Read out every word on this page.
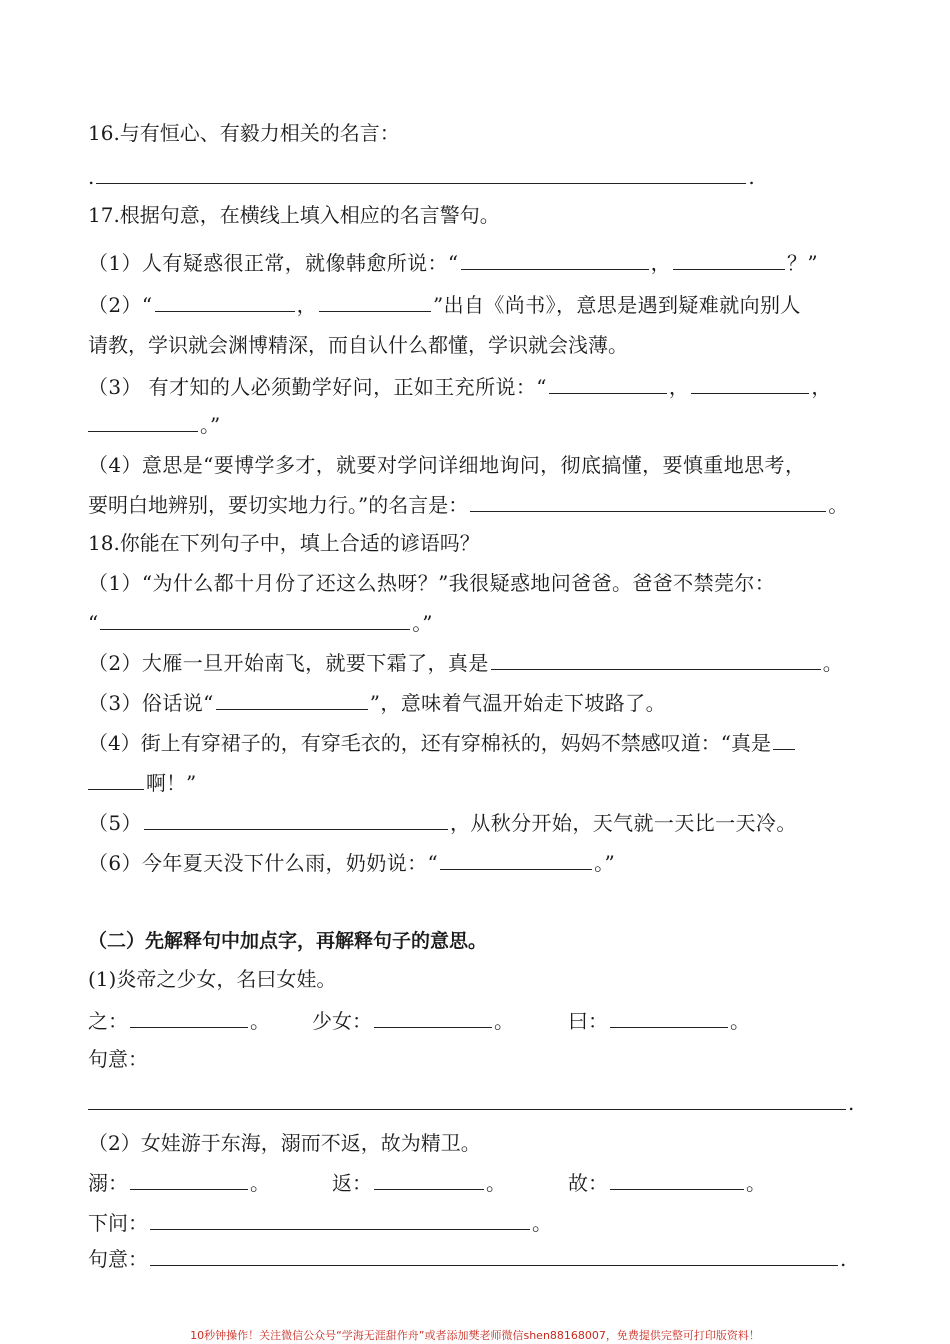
16.与有恒心、有毅力相关的名言：
.	.
17.根据句意，在横线上填入相应的名言警句。
（1）人有疑惑很正常，就像韩愈所说：“	，	？”
（2）“	，	”出自《尚书》，意思是遇到疑难就向别人
请教，学识就会渊博精深，而自认什么都懂，学识就会浅薄。
（3） 有才知的人必须勤学好问，正如王充所说：“	，	，
。”
（4）意思是“要博学多才，就要对学问详细地询问，彻底搞懂，要慎重地思考，
要明白地辨别，要切实地力行。”的名言是：	。
18.你能在下列句子中，填上合适的谚语吗？
（1）“为什么都十月份了还这么热呀？”我很疑惑地问爸爸。爸爸不禁莞尔：
“	。”
（2）大雁一旦开始南飞，就要下霜了，真是	。
（3）俗话说“	”，意味着气温开始走下坡路了。
（4）街上有穿裙子的，有穿毛衣的，还有穿棉袄的，妈妈不禁感叹道：“真是
啊！”
（5）	，从秋分开始，天气就一天比一天冷。
（6）今年夏天没下什么雨，奶奶说：“	。”
（二）先解释句中加点字，再解释句子的意思。
(1)炎帝之少女，名曰女娃。
之：	。 少女：	。	曰：	。
句意：
.
（2）女娃游于东海，溺而不返，故为精卫。
溺：	。	返：	。	故：	。
下问：	。
句意：	.
10秒钟操作！关注微信公众号“学海无涯甜作舟”或者添加樊老师微信shen88168007，免费提供完整可打印版资料！
